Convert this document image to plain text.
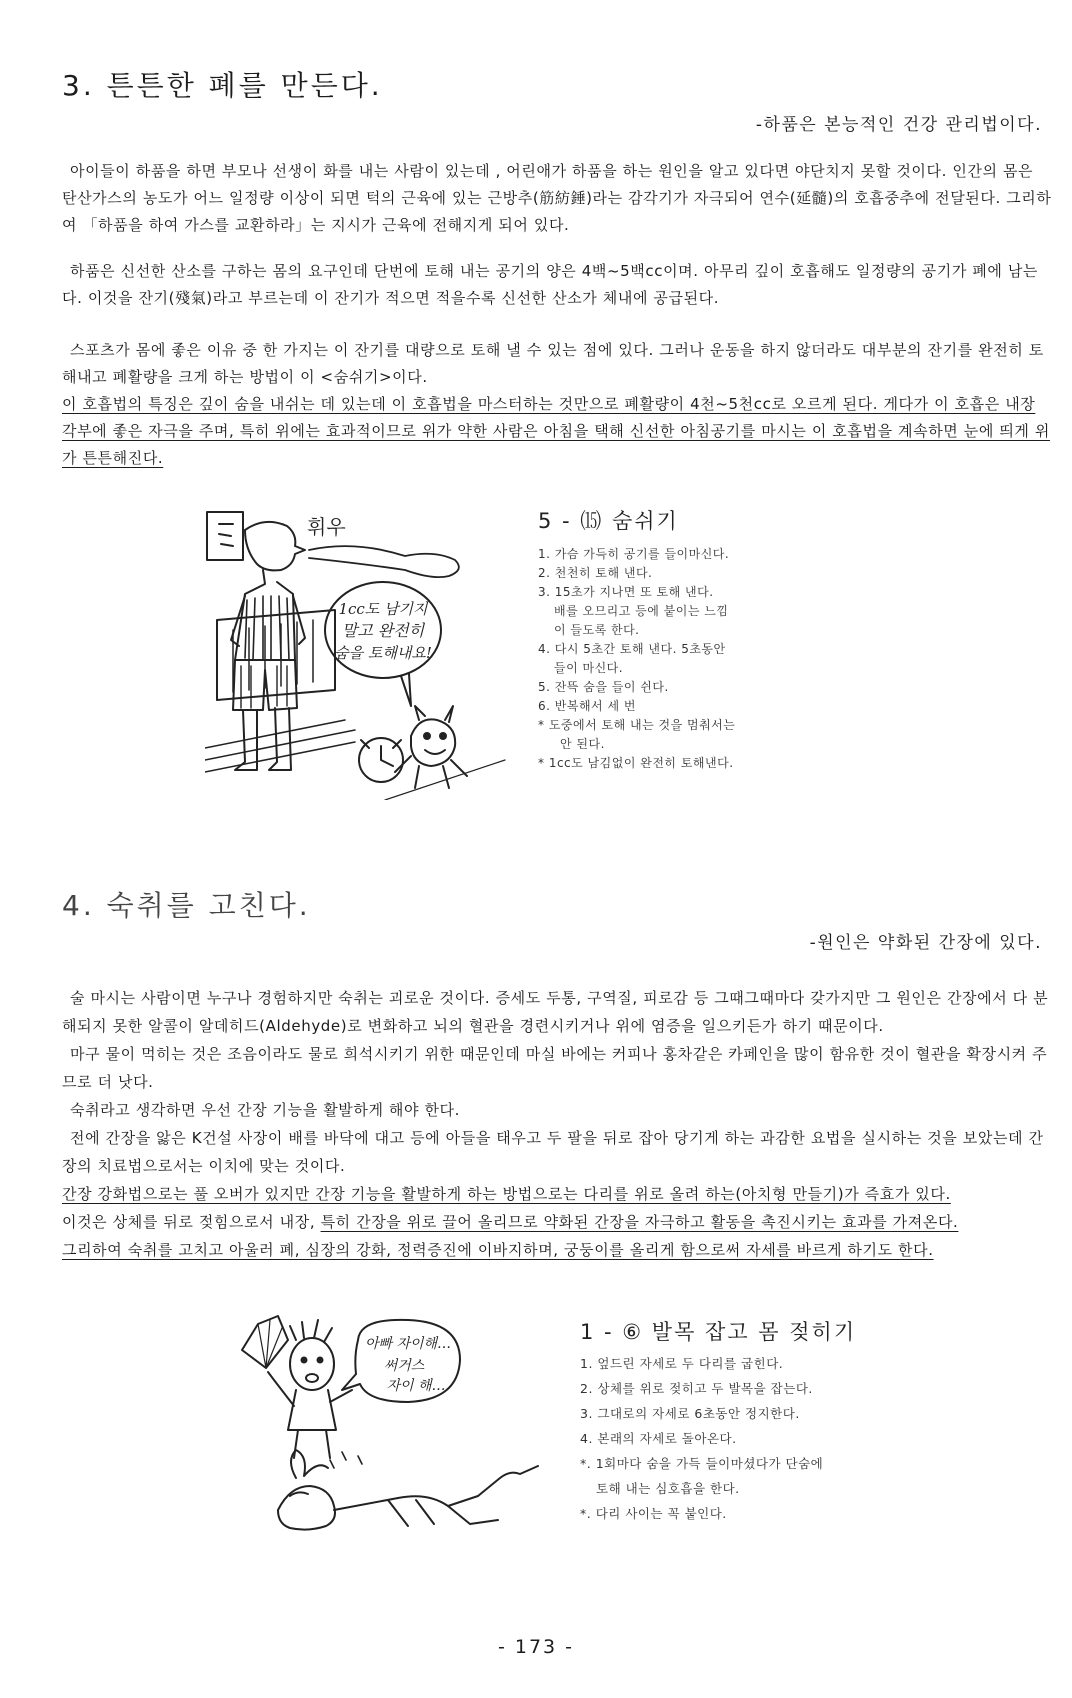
3. 튼튼한 폐를 만든다.
-하품은 본능적인 건강 관리법이다.

아이들이 하품을 하면 부모나 선생이 화를 내는 사람이 있는데 , 어린애가 하품을 하는 원인을 알고 있다면 야단치지 못할 것이다. 인간의 몸은 탄산가스의 농도가 어느 일정량 이상이 되면 턱의 근육에 있는 근방추(筋紡錘)라는 감각기가 자극되어 연수(延髓)의 호흡중추에 전달된다. 그리하여 「하품을 하여 가스를 교환하라」는 지시가 근육에 전해지게 되어 있다.

하품은 신선한 산소를 구하는 몸의 요구인데 단번에 토해 내는 공기의 양은 4백~5백cc이며. 아무리 깊이 호흡해도 일정량의 공기가 폐에 남는다. 이것을 잔기(殘氣)라고 부르는데 이 잔기가 적으면 적을수록 신선한 산소가 체내에 공급된다.

스포츠가 몸에 좋은 이유 중 한 가지는 이 잔기를 대량으로 토해 낼 수 있는 점에 있다. 그러나 운동을 하지 않더라도 대부분의 잔기를 완전히 토해내고 폐활량을 크게 하는 방법이 이 <숨쉬기>이다.

이 호흡법의 특징은 깊이 숨을 내쉬는 데 있는데 이 호흡법을 마스터하는 것만으로 폐활량이 4천~5천cc로 오르게 된다. 게다가 이 호흡은 내장 각부에 좋은 자극을 주며, 특히 위에는 효과적이므로 위가 약한 사람은 아침을 택해 신선한 아침공기를 마시는 이 호흡법을 계속하면 눈에 띄게 위가 튼튼해진다.

휘우
1cc도 남기지
말고 완전히
숨을 토해내요!
5 - ⒂ 숨쉬기
1. 가슴 가득히 공기를 들이마신다.
2. 천천히 토해 낸다.
3. 15초가 지나면 또 토해 낸다.
배를 오므리고 등에 붙이는 느낌
이 들도록 한다.
4. 다시 5초간 토해 낸다. 5초동안
들이 마신다.
5. 잔뜩 숨을 들이 쉰다.
6. 반복해서 세 번
* 도중에서 토해 내는 것을 멈춰서는
안 된다.
* 1cc도 남김없이 완전히 토해낸다.
4. 숙취를 고친다.
-원인은 약화된 간장에 있다.

술 마시는 사람이면 누구나 경험하지만 숙취는 괴로운 것이다. 증세도 두통, 구역질, 피로감 등 그때그때마다 갖가지만 그 원인은 간장에서 다 분해되지 못한 알콜이 알데히드(Aldehyde)로 변화하고 뇌의 혈관을 경련시키거나 위에 염증을 일으키든가 하기 때문이다.

마구 물이 먹히는 것은 조음이라도 물로 희석시키기 위한 때문인데 마실 바에는 커피나 홍차같은 카페인을 많이 함유한 것이 혈관을 확장시켜 주므로 더 낫다.

숙취라고 생각하면 우선 간장 기능을 활발하게 해야 한다.

전에 간장을 앓은 K건설 사장이 배를 바닥에 대고 등에 아들을 태우고 두 팔을 뒤로 잡아 당기게 하는 과감한 요법을 실시하는 것을 보았는데 간장의 치료법으로서는 이치에 맞는 것이다.

간장 강화법으로는 풀 오버가 있지만 간장 기능을 활발하게 하는 방법으로는 다리를 위로 올려 하는(아치형 만들기)가 즉효가 있다.

이것은 상체를 뒤로 젖힘으로서 내장, 특히 간장을 위로 끌어 올리므로 약화된 간장을 자극하고 활동을 촉진시키는 효과를 가져온다.

그리하여 숙취를 고치고 아울러 폐, 심장의 강화, 정력증진에 이바지하며, 궁둥이를 올리게 함으로써 자세를 바르게 하기도 한다.

아빠 자이해…
써거스
자이 해…
1 - ⑥ 발목 잡고 몸 젖히기
1. 엎드린 자세로 두 다리를 굽힌다.
2. 상체를 위로 젖히고 두 발목을 잡는다.
3. 그대로의 자세로 6초동안 정지한다.
4. 본래의 자세로 돌아온다.
*. 1회마다 숨을 가득 들이마셨다가 단숨에
토해 내는 심호흡을 한다.
*. 다리 사이는 꼭 붙인다.
- 173 -
